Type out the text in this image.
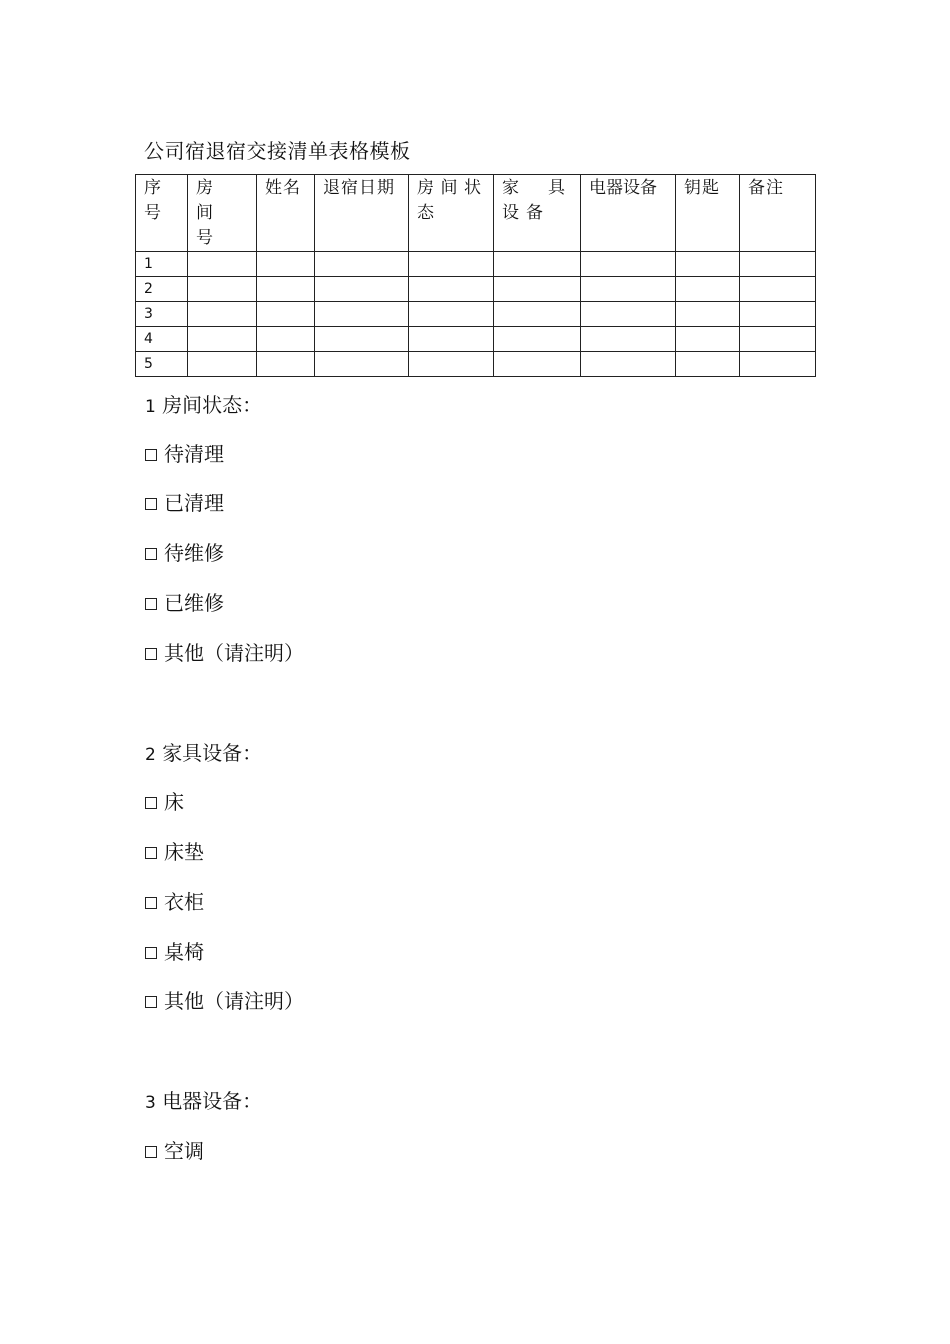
公司宿退宿交接清单表格模板
序号	房间号	姓名	退宿日期	房间状态	家具设备	电器设备	钥匙	备注
1								
2								
3								
4								
5								
1 房间状态：
待清理
已清理
待维修
已维修
其他（请注明）
2 家具设备：
床
床垫
衣柜
桌椅
其他（请注明）
3 电器设备：
空调
